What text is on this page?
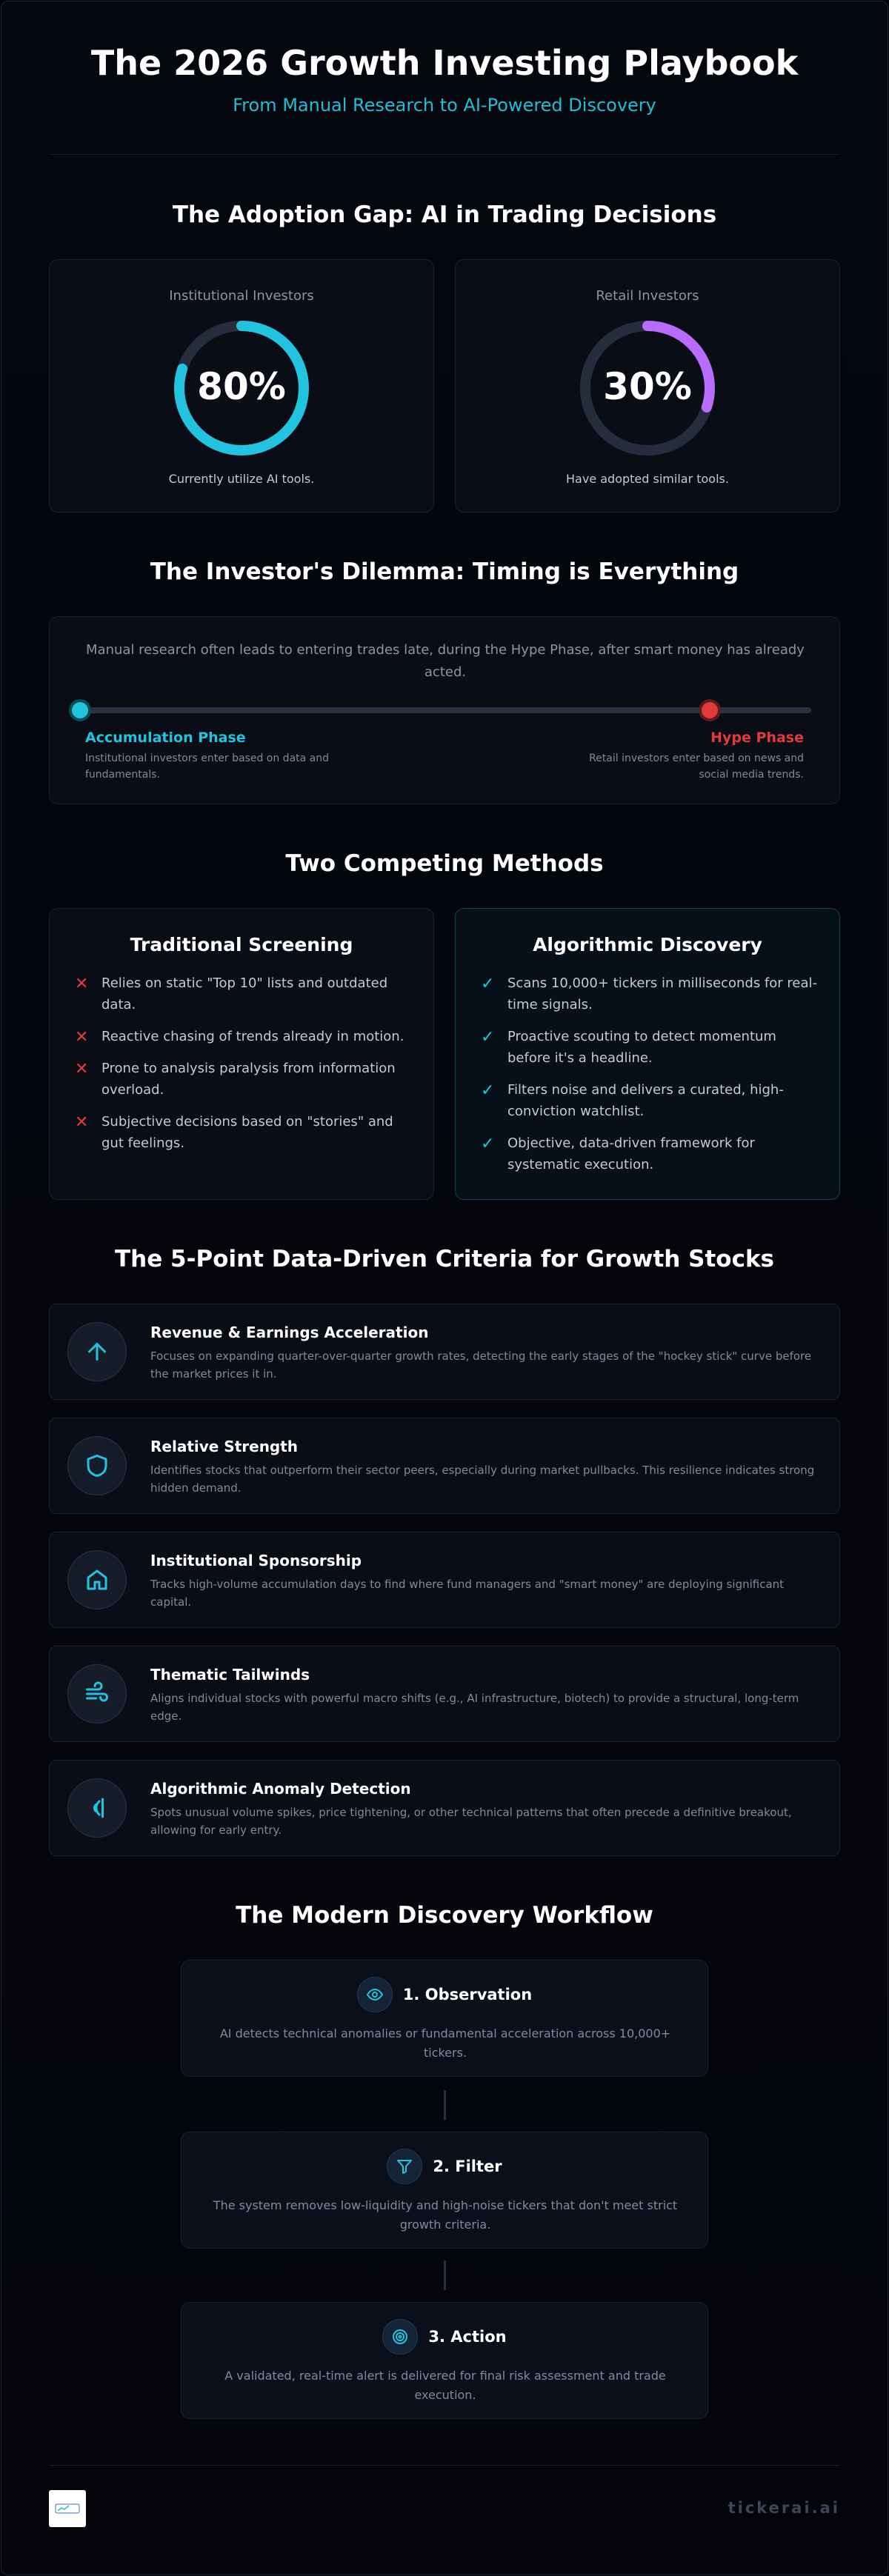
The 2026 Growth Investing Playbook
From Manual Research to AI-Powered Discovery
The Adoption Gap: AI in Trading Decisions
Institutional Investors
80%
Currently utilize AI tools.
Retail Investors
30%
Have adopted similar tools.
The Investor's Dilemma: Timing is Everything
Manual research often leads to entering trades late, during the Hype Phase, after smart money has already acted.
Accumulation Phase
Institutional investors enter based on data and fundamentals.
Hype Phase
Retail investors enter based on news and social media trends.
Two Competing Methods
Traditional Screening
✕ Relies on static "Top 10" lists and outdated data.
✕ Reactive chasing of trends already in motion.
✕ Prone to analysis paralysis from information overload.
✕ Subjective decisions based on "stories" and gut feelings.
Algorithmic Discovery
✓ Scans 10,000+ tickers in milliseconds for real-time signals.
✓ Proactive scouting to detect momentum before it's a headline.
✓ Filters noise and delivers a curated, high-conviction watchlist.
✓ Objective, data-driven framework for systematic execution.
The 5-Point Data-Driven Criteria for Growth Stocks
Revenue & Earnings Acceleration
Focuses on expanding quarter-over-quarter growth rates, detecting the early stages of the "hockey stick" curve before the market prices it in.
Relative Strength
Identifies stocks that outperform their sector peers, especially during market pullbacks. This resilience indicates strong hidden demand.
Institutional Sponsorship
Tracks high-volume accumulation days to find where fund managers and "smart money" are deploying significant capital.
Thematic Tailwinds
Aligns individual stocks with powerful macro shifts (e.g., AI infrastructure, biotech) to provide a structural, long-term edge.
Algorithmic Anomaly Detection
Spots unusual volume spikes, price tightening, or other technical patterns that often precede a definitive breakout, allowing for early entry.
The Modern Discovery Workflow
1. Observation
AI detects technical anomalies or fundamental acceleration across 10,000+ tickers.
2. Filter
The system removes low-liquidity and high-noise tickers that don't meet strict growth criteria.
3. Action
A validated, real-time alert is delivered for final risk assessment and trade execution.
tickerai.ai
